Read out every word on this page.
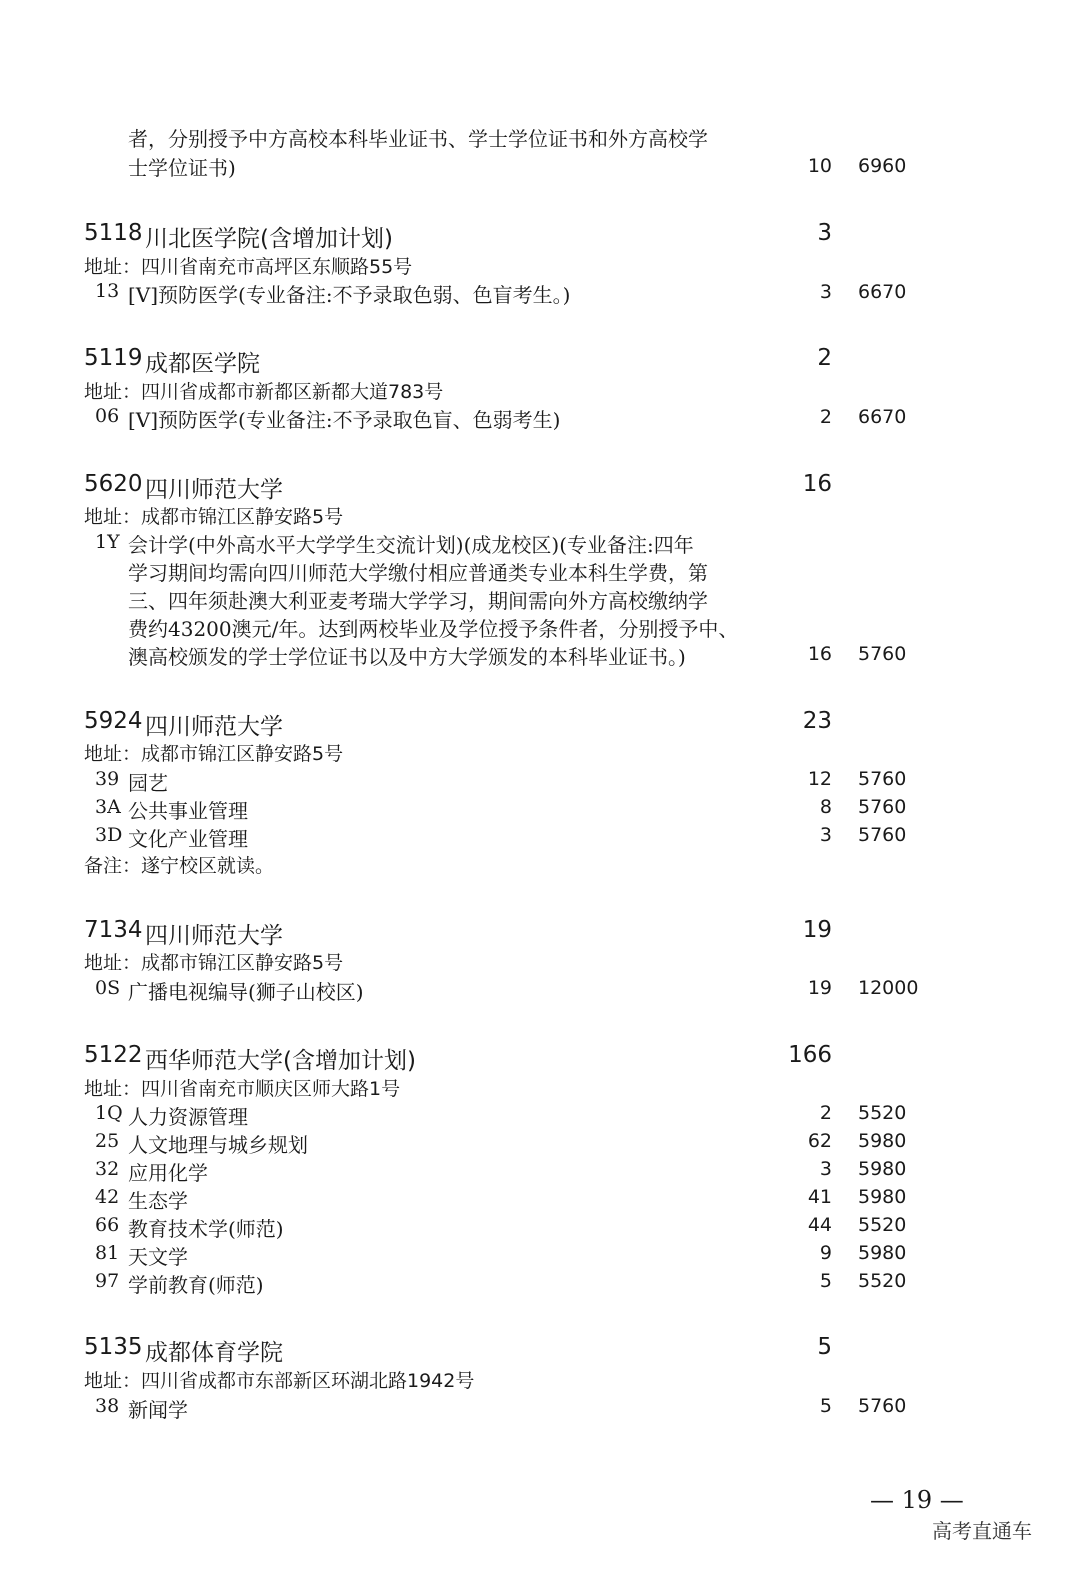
者，分别授予中方高校本科毕业证书、学士学位证书和外方高校学
士学位证书)	10 6960
5118 川北医学院(含增加计划)	3
地址：四川省南充市高坪区东顺路55号
13 [V]预防医学(专业备注:不予录取色弱、色盲考生。)	3 6670
5119 成都医学院	2
地址：四川省成都市新都区新都大道783号
06 [V]预防医学(专业备注:不予录取色盲、色弱考生)	2 6670
5620 四川师范大学	16
地址：成都市锦江区静安路5号
1Y 会计学(中外高水平大学学生交流计划)(成龙校区)(专业备注:四年
学习期间均需向四川师范大学缴付相应普通类专业本科生学费，第
三、四年须赴澳大利亚麦考瑞大学学习，期间需向外方高校缴纳学
费约43200澳元/年。达到两校毕业及学位授予条件者，分别授予中、
澳高校颁发的学士学位证书以及中方大学颁发的本科毕业证书。)	16 5760
5924 四川师范大学	23
地址：成都市锦江区静安路5号
39 园艺	12 5760
3A 公共事业管理	8 5760
3D 文化产业管理	3 5760
备注：遂宁校区就读。
7134 四川师范大学	19
地址：成都市锦江区静安路5号
0S 广播电视编导(狮子山校区)	19 12000
5122 西华师范大学(含增加计划)	166
地址：四川省南充市顺庆区师大路1号
1Q 人力资源管理	2 5520
25 人文地理与城乡规划	62 5980
32 应用化学	3 5980
42 生态学	41 5980
66 教育技术学(师范)	44 5520
81 天文学	9 5980
97 学前教育(师范)	5 5520
5135 成都体育学院	5
地址：四川省成都市东部新区环湖北路1942号
38 新闻学	5 5760
— 19 —
高考直通车
